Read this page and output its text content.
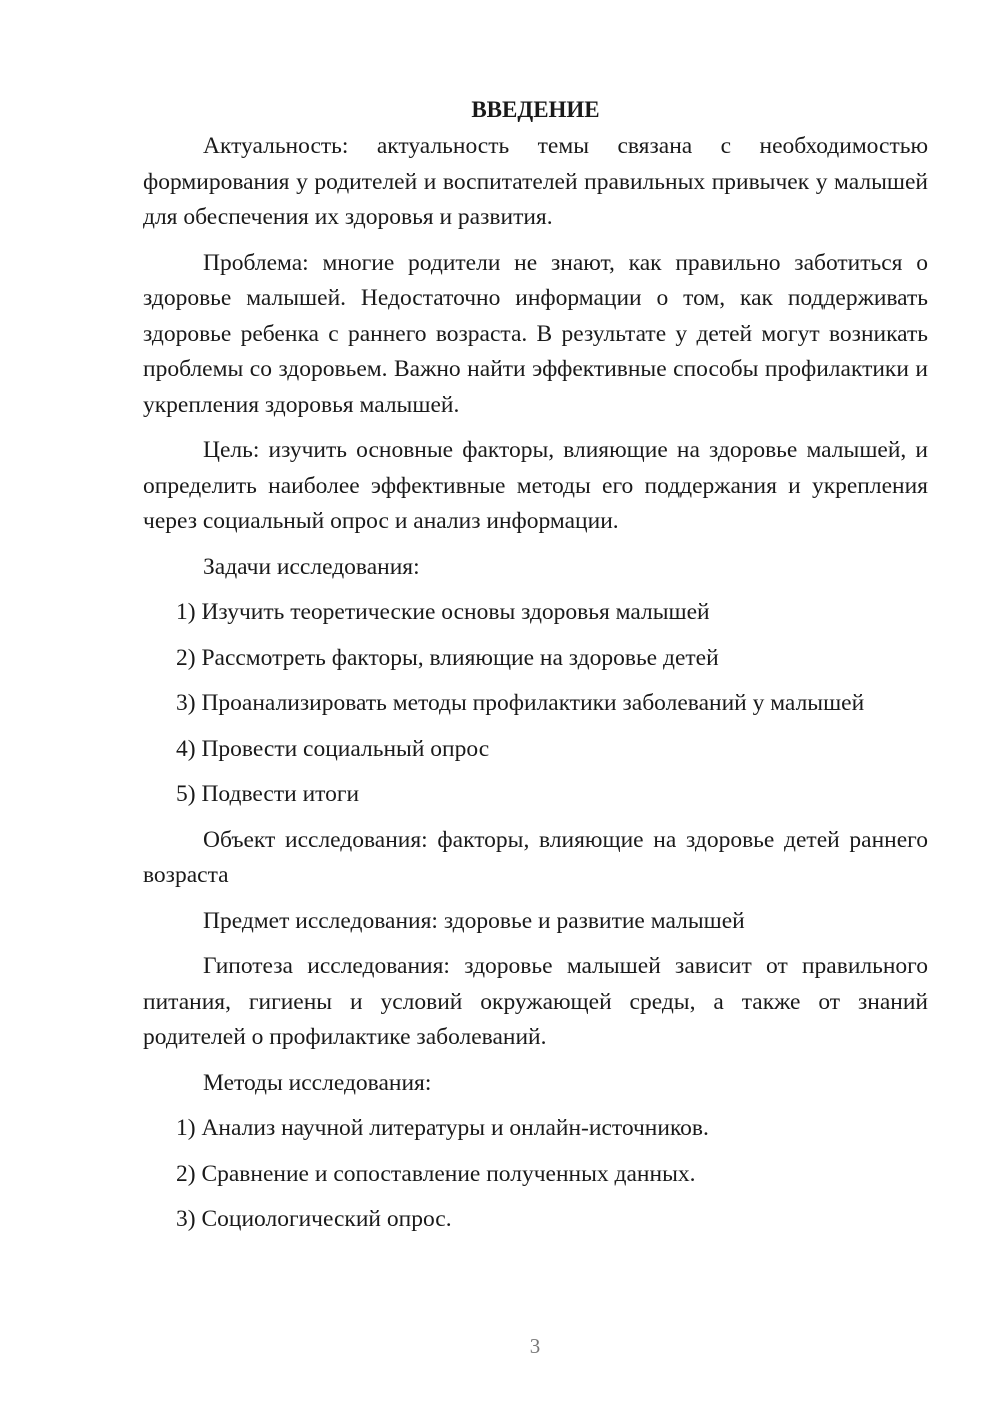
ВВЕДЕНИЕ

Актуальность: актуальность темы связана с необходимостью формирования у родителей и воспитателей правильных привычек у малышей для обеспечения их здоровья и развития.

Проблема: многие родители не знают, как правильно заботиться о здоровье малышей. Недостаточно информации о том, как поддерживать здоровье ребенка с раннего возраста. В результате у детей могут возникать проблемы со здоровьем. Важно найти эффективные способы профилактики и укрепления здоровья малышей.

Цель: изучить основные факторы, влияющие на здоровье малышей, и определить наиболее эффективные методы его поддержания и укрепления через социальный опрос и анализ информации.

Задачи исследования:

1) Изучить теоретические основы здоровья малышей
2) Рассмотреть факторы, влияющие на здоровье детей
3) Проанализировать методы профилактики заболеваний у малышей
4) Провести социальный опрос
5) Подвести итоги

Объект исследования: факторы, влияющие на здоровье детей раннего возраста

Предмет исследования: здоровье и развитие малышей

Гипотеза исследования: здоровье малышей зависит от правильного питания, гигиены и условий окружающей среды, а также от знаний родителей о профилактике заболеваний.

Методы исследования:

1) Анализ научной литературы и онлайн-источников.
2) Сравнение и сопоставление полученных данных.
3) Социологический опрос.
3
